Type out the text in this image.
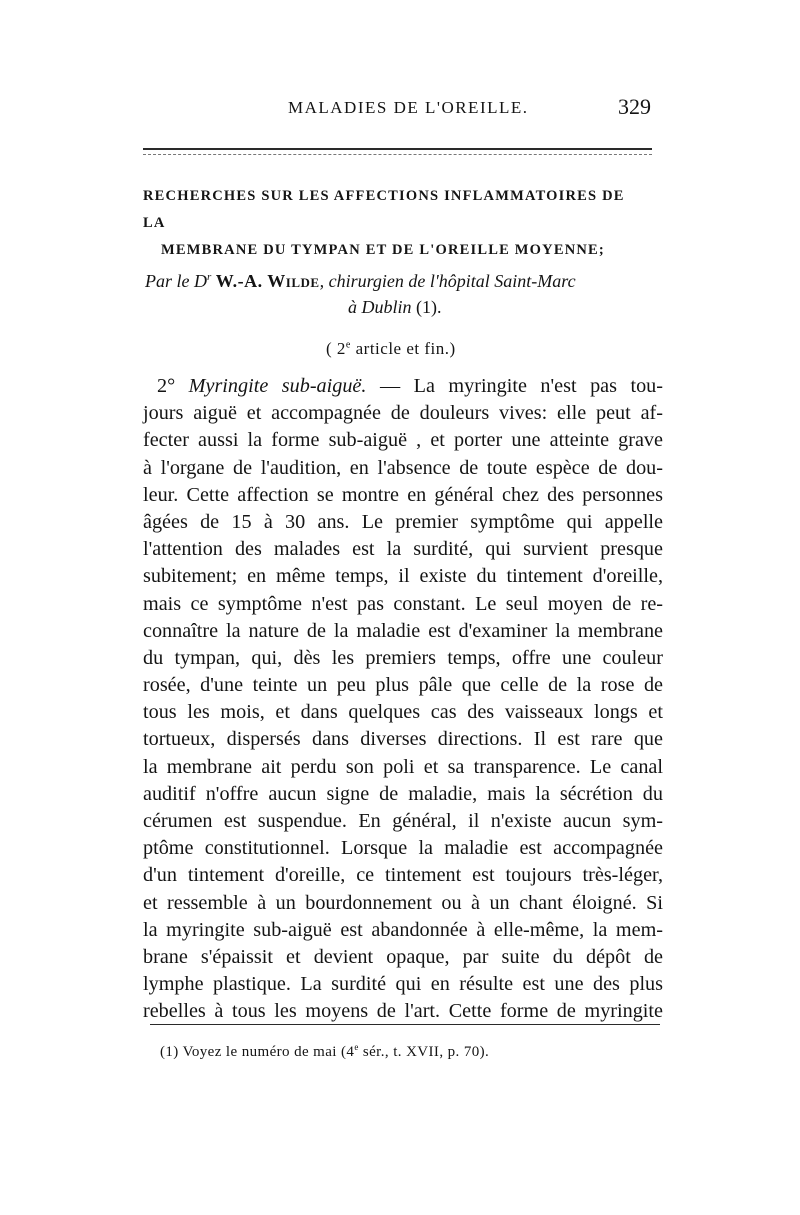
MALADIES DE L'OREILLE.	329
RECHERCHES SUR LES AFFECTIONS INFLAMMATOIRES DE LA
MEMBRANE DU TYMPAN ET DE L'OREILLE MOYENNE;
Par le $D^r$ W.-A. Wilde, chirurgien de l'hôpital Saint-Marc
à Dublin (1).
( 2e article et fin.)
2° Myringite sub-aiguë. — La myringite n'est pas tou-
jours aiguë et accompagnée de douleurs vives: elle peut af-
fecter aussi la forme sub-aiguë , et porter une atteinte grave
à l'organe de l'audition, en l'absence de toute espèce de dou-
leur. Cette affection se montre en général chez des personnes
âgées de 15 à 30 ans. Le premier symptôme qui appelle
l'attention des malades est la surdité, qui survient presque
subitement; en même temps, il existe du tintement d'oreille,
mais ce symptôme n'est pas constant. Le seul moyen de re-
connaître la nature de la maladie est d'examiner la membrane
du tympan, qui, dès les premiers temps, offre une couleur
rosée, d'une teinte un peu plus pâle que celle de la rose de
tous les mois, et dans quelques cas des vaisseaux longs et
tortueux, dispersés dans diverses directions. Il est rare que
la membrane ait perdu son poli et sa transparence. Le canal
auditif n'offre aucun signe de maladie, mais la sécrétion du
cérumen est suspendue. En général, il n'existe aucun sym-
ptôme constitutionnel. Lorsque la maladie est accompagnée
d'un tintement d'oreille, ce tintement est toujours très-léger,
et ressemble à un bourdonnement ou à un chant éloigné. Si
la myringite sub-aiguë est abandonnée à elle-même, la mem-
brane s'épaissit et devient opaque, par suite du dépôt de
lymphe plastique. La surdité qui en résulte est une des plus
rebelles à tous les moyens de l'art. Cette forme de myringite
(1) Voyez le numéro de mai (4e sér., t. XVII, p. 70).
